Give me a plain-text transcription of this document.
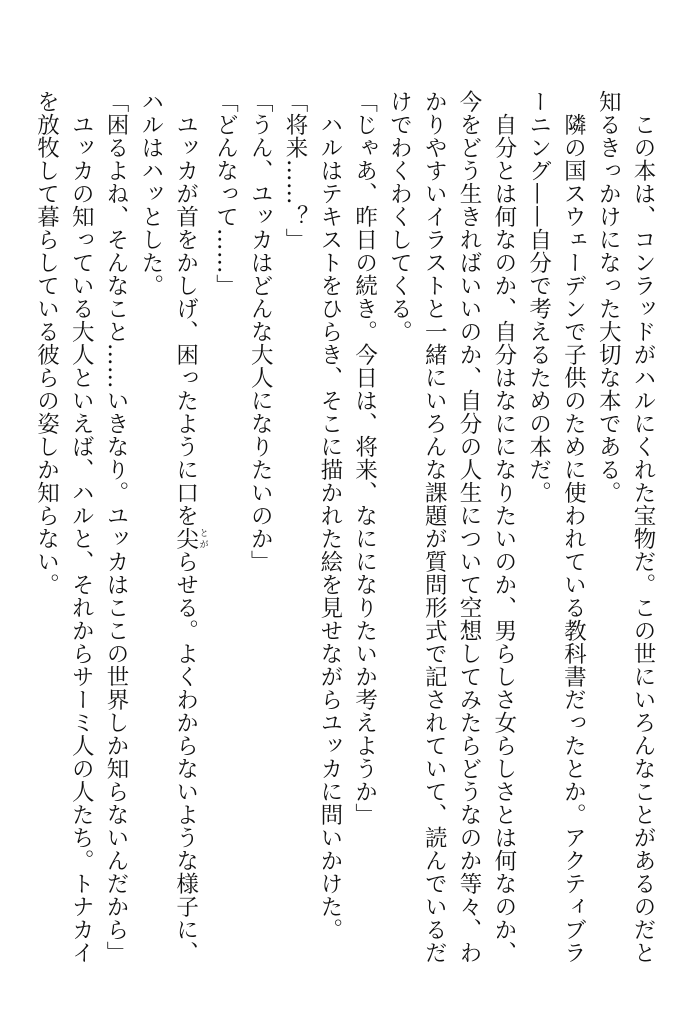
この本は、コンラッドがハルにくれた宝物だ。この世にいろんなことがあるのだと知るきっかけになった大切な本である。

隣の国スウェーデンで子供のために使われている教科書だったとか。アクティブラーニング——自分で考えるための本だ。

自分とは何なのか、自分はなにになりたいのか、男らしさ女らしさとは何なのか、今をどう生きればいいのか、自分の人生について空想してみたらどうなのか等々、わかりやすいイラストと一緒にいろんな課題が質問形式で記されていて、読んでいるだけでわくわくしてくる。

「じゃあ、昨日の続き。今日は、将来、なにになりたいか考えようか」

ハルはテキストをひらき、そこに描かれた絵を見せながらユッカに問いかけた。

「将来……？」

「うん、ユッカはどんな大人になりたいのか」

「どんなって……」

ユッカが首をかしげ、困ったように口を尖 とがらせる。よくわからないような様子に、ハルはハッとした。

「困るよね、そんなこと……いきなり。ユッカはここの世界しか知らないんだから」

ユッカの知っている大人といえば、ハルと、それからサーミ人の人たち。トナカイを放牧して暮らしている彼らの姿しか知らない。
